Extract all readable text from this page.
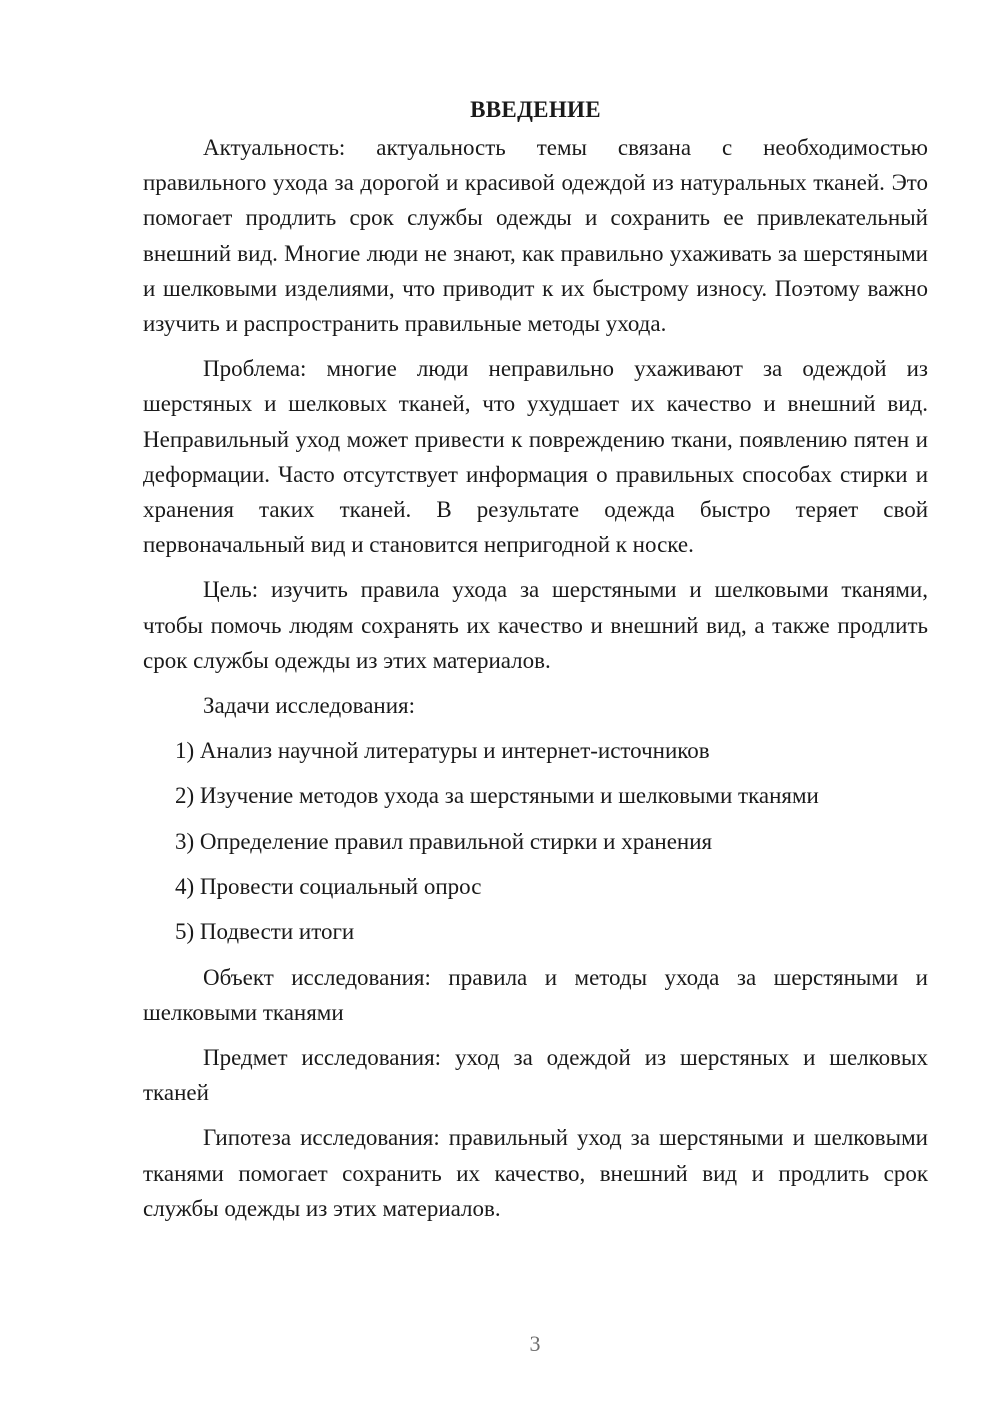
ВВЕДЕНИЕ

Актуальность: актуальность темы связана с необходимостью правильного ухода за дорогой и красивой одеждой из натуральных тканей. Это помогает продлить срок службы одежды и сохранить ее привлекательный внешний вид. Многие люди не знают, как правильно ухаживать за шерстяными и шелковыми изделиями, что приводит к их быстрому износу. Поэтому важно изучить и распространить правильные методы ухода.

Проблема: многие люди неправильно ухаживают за одеждой из шерстяных и шелковых тканей, что ухудшает их качество и внешний вид. Неправильный уход может привести к повреждению ткани, появлению пятен и деформации. Часто отсутствует информация о правильных способах стирки и хранения таких тканей. В результате одежда быстро теряет свой первоначальный вид и становится непригодной к носке.

Цель: изучить правила ухода за шерстяными и шелковыми тканями, чтобы помочь людям сохранять их качество и внешний вид, а также продлить срок службы одежды из этих материалов.

Задачи исследования:

1) Анализ научной литературы и интернет-источников

2) Изучение методов ухода за шерстяными и шелковыми тканями

3) Определение правил правильной стирки и хранения

4) Провести социальный опрос

5) Подвести итоги

Объект исследования: правила и методы ухода за шерстяными и шелковыми тканями

Предмет исследования: уход за одеждой из шерстяных и шелковых тканей

Гипотеза исследования: правильный уход за шерстяными и шелковыми тканями помогает сохранить их качество, внешний вид и продлить срок службы одежды из этих материалов.

3
